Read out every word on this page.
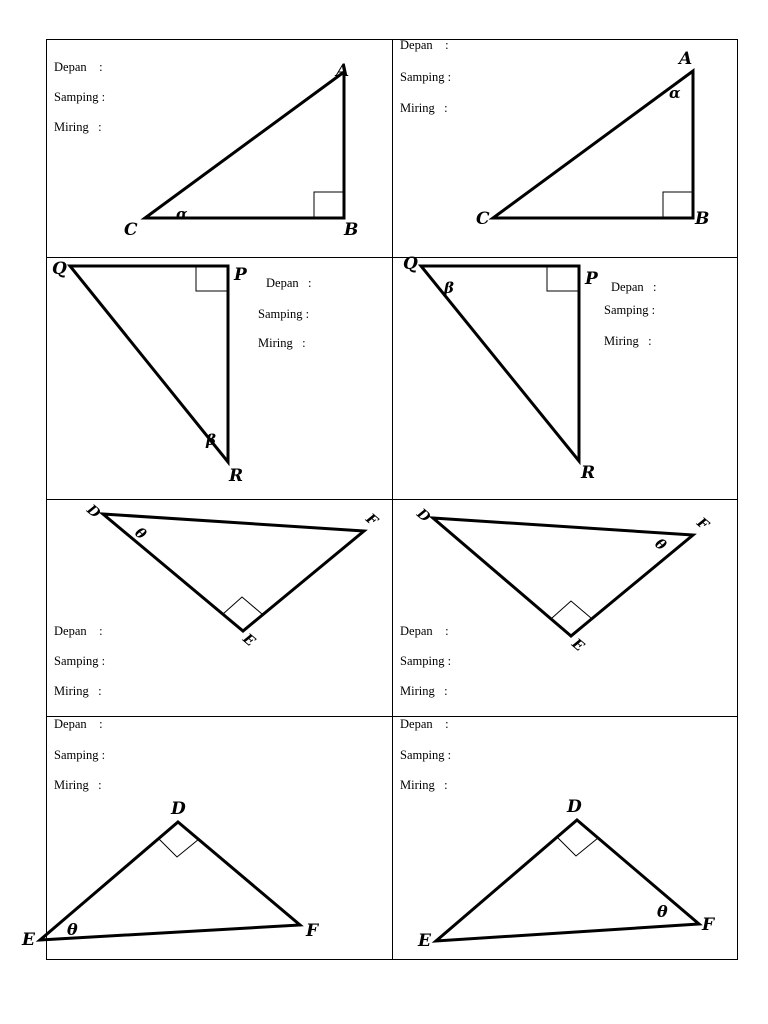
Depan :
Samping :
Miring :
Depan :
Samping :
Miring :
Depan :
Samping :
Miring :
Depan :
Samping :
Miring :
Depan :
Samping :
Miring :
Depan :
Samping :
Miring :
Depan :
Samping :
Miring :
Depan :
Samping :
Miring :
A
B
C
α
A
B
C
α
Q	P
R
β
Q
P
R
β
D	F
E
θ
D	F
E
θ
D
E	F
θ
D
E
F
θ
